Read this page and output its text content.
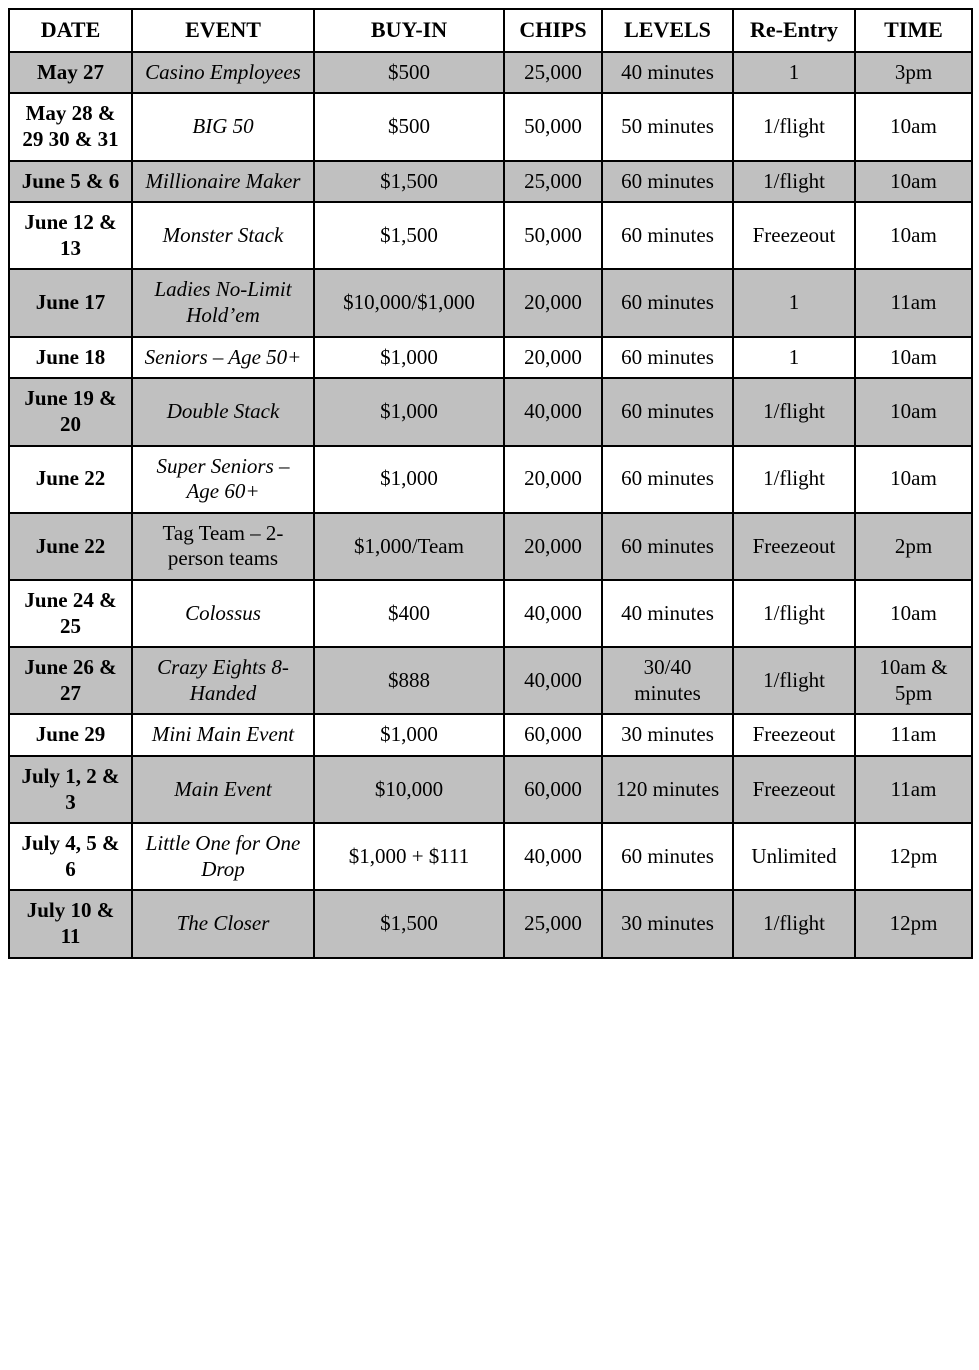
DATE	EVENT	BUY-IN	CHIPS	LEVELS	Re-Entry	TIME
May 27	Casino Employees	$500	25,000	40 minutes	1	3pm
May 28 & 29 30 & 31	BIG 50	$500	50,000	50 minutes	1/flight	10am
June 5 & 6	Millionaire Maker	$1,500	25,000	60 minutes	1/flight	10am
June 12 & 13	Monster Stack	$1,500	50,000	60 minutes	Freezeout	10am
June 17	Ladies No-Limit Hold’em	$10,000/$1,000	20,000	60 minutes	1	11am
June 18	Seniors – Age 50+	$1,000	20,000	60 minutes	1	10am
June 19 & 20	Double Stack	$1,000	40,000	60 minutes	1/flight	10am
June 22	Super Seniors – Age 60+	$1,000	20,000	60 minutes	1/flight	10am
June 22	Tag Team – 2-person teams	$1,000/Team	20,000	60 minutes	Freezeout	2pm
June 24 & 25	Colossus	$400	40,000	40 minutes	1/flight	10am
June 26 & 27	Crazy Eights 8-Handed	$888	40,000	30/40 minutes	1/flight	10am & 5pm
June 29	Mini Main Event	$1,000	60,000	30 minutes	Freezeout	11am
July 1, 2 & 3	Main Event	$10,000	60,000	120 minutes	Freezeout	11am
July 4, 5 & 6	Little One for One Drop	$1,000 + $111	40,000	60 minutes	Unlimited	12pm
July 10 & 11	The Closer	$1,500	25,000	30 minutes	1/flight	12pm
